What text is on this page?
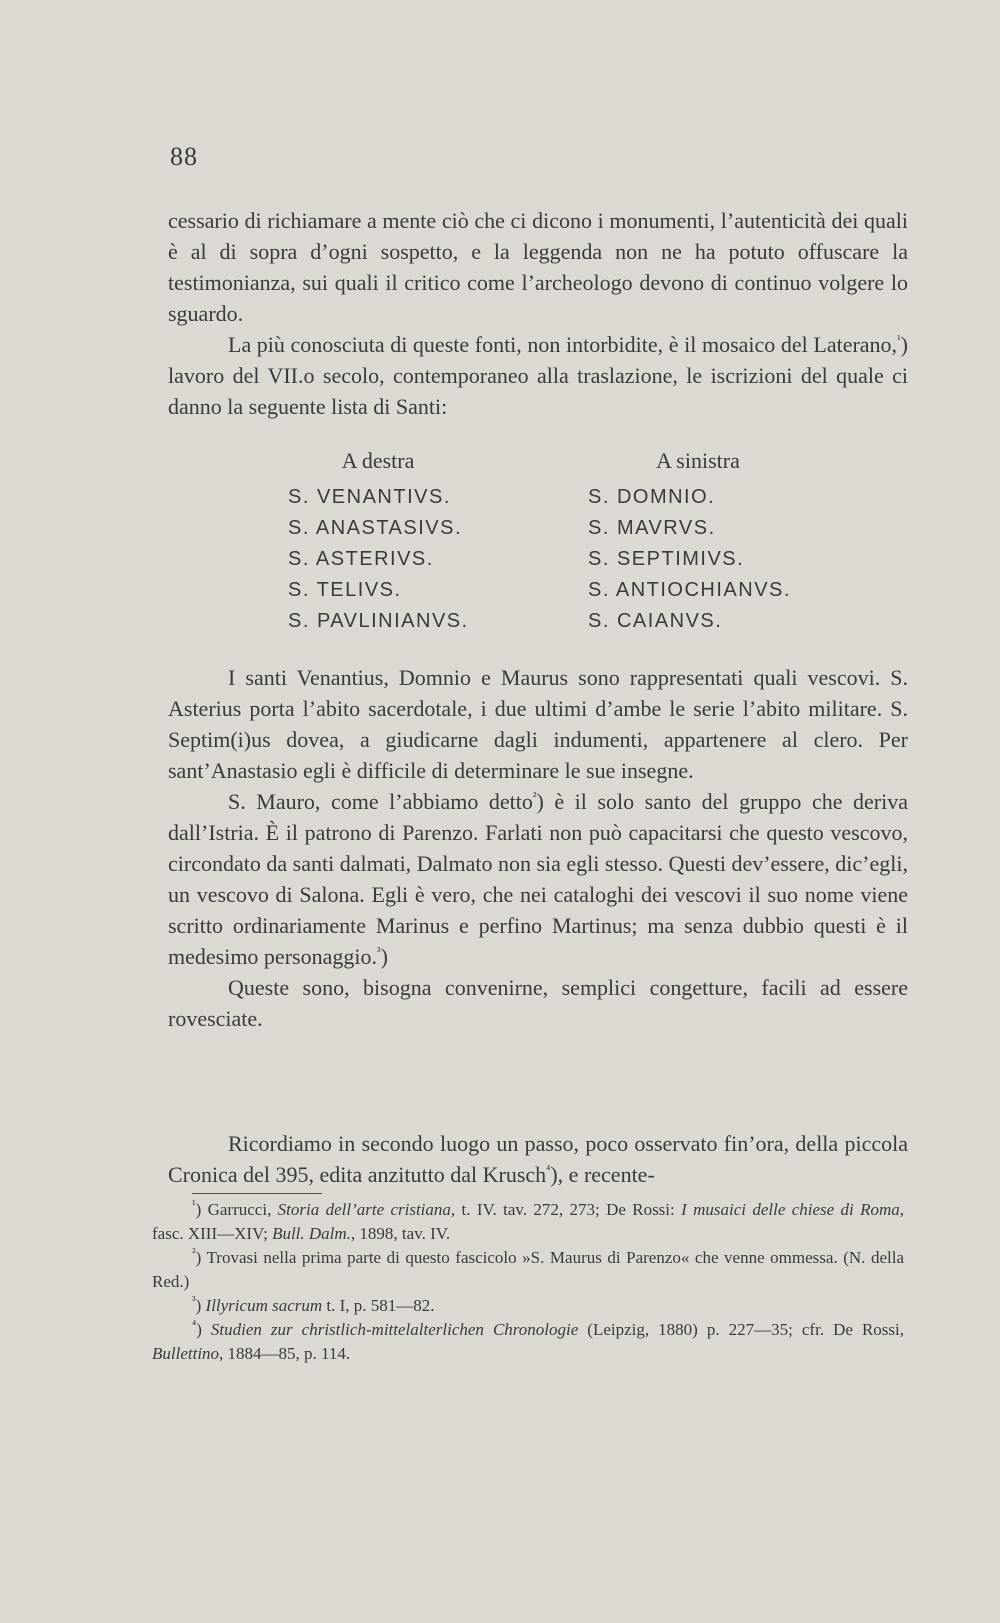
88

cessario di richiamare a mente ciò che ci dicono i monumenti, l’autenticità dei quali è al di sopra d’ogni sospetto, e la leggenda non ne ha potuto offuscare la testimonianza, sui quali il critico come l’archeologo devono di continuo volgere lo sguardo.

La più conosciuta di queste fonti, non intorbidite, è il mosaico del Laterano,$^{^1}$) lavoro del VII.o secolo, contemporaneo alla traslazione, le iscrizioni del quale ci danno la seguente lista di Santi:

A destra
S. VENANTIVS.
S. ANASTASIVS.
S. ASTERIVS.
S. TELIVS.
S. PAVLINIANVS.
A sinistra
S. DOMNIO.
S. MAVRVS.
S. SEPTIMIVS.
S. ANTIOCHIANVS.
S. CAIANVS.

I santi Venantius, Domnio e Maurus sono rappresentati quali vescovi. S. Asterius porta l’abito sacerdotale, i due ultimi d’ambe le serie l’abito militare. S. Septim(i)us dovea, a giudicarne dagli indumenti, appartenere al clero. Per sant’Anastasio egli è difficile di determinare le sue insegne.

S. Mauro, come l’abbiamo detto$^{^2}$) è il solo santo del gruppo che deriva dall’Istria. È il patrono di Parenzo. Farlati non può capacitarsi che questo vescovo, circondato da santi dalmati, Dalmato non sia egli stesso. Questi dev’essere, dic’egli, un vescovo di Salona. Egli è vero, che nei cataloghi dei vescovi il suo nome viene scritto ordinariamente Marinus e perfino Martinus; ma senza dubbio questi è il medesimo personaggio.$^{^3}$)

Queste sono, bisogna convenirne, semplici congetture, facili ad essere rovesciate.

Ricordiamo in secondo luogo un passo, poco osservato fin’ora, della piccola Cronica del 395, edita anzitutto dal Krusch$^{^4}$), e recente-

$^{^1}$) Garrucci, Storia dell’arte cristiana, t. IV. tav. 272, 273; De Rossi: I musaici delle chiese di Roma, fasc. XIII—XIV; Bull. Dalm., 1898, tav. IV.

$^{^2}$) Trovasi nella prima parte di questo fascicolo »S. Maurus di Parenzo« che venne ommessa. (N. della Red.)

$^{^3}$) Illyricum sacrum t. I, p. 581—82.

$^{^4}$) Studien zur christlich-mittelalterlichen Chronologie (Leipzig, 1880) p. 227—35; cfr. De Rossi, Bullettino, 1884—85, p. 114.
